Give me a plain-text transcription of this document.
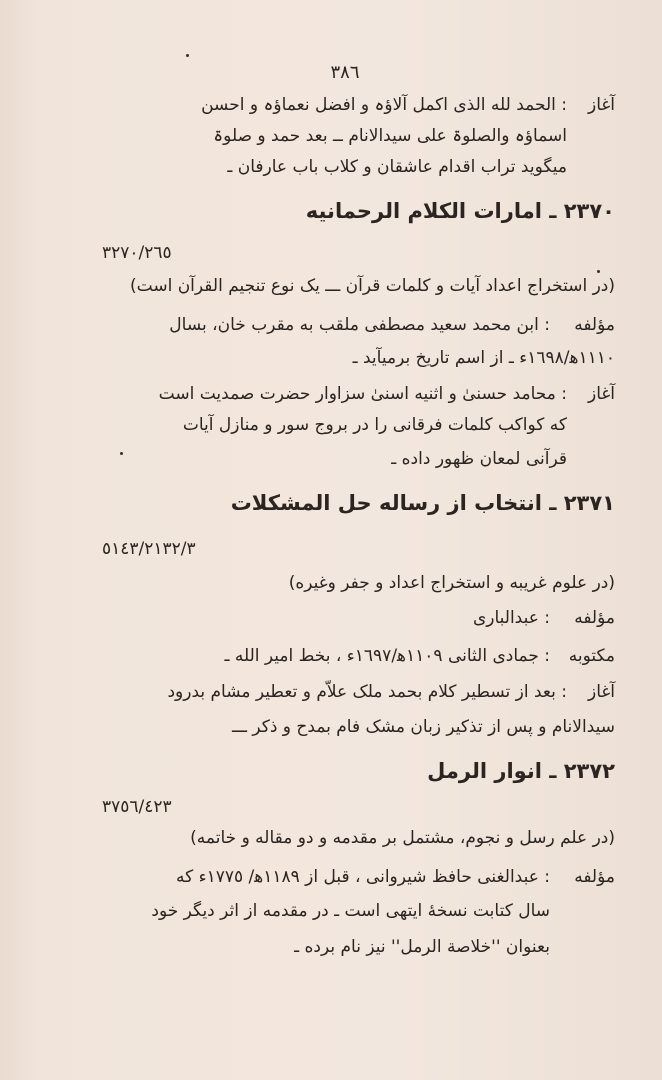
٣٨٦
آغاز
: الحمد لله الذی اکمل آلاؤہ و افضل نعماؤہ و احسن
اسماؤہ والصلوۃ علی سیدالانام ــ بعد حمد و صلوۃ
میگوید تراب اقدام عاشقان و کلاب باب عارفان ـ
٢٣٧٠ ـ امارات الکلام الرحمانیه
٣٢٧٠/٢٦٥
(در استخراج اعداد آیات و کلمات قرآن ـــ یک نوع تنجیم القرآن است)
مؤلفه
: ابن محمد سعید مصطفی ملقب به مقرب خان، بسال
١١١٠ه‍/١٦٩٨ء ـ از اسم تاریخ برمیآید ـ
آغاز
: محامد حسنیٰ و اثنیه اسنیٰ سزاوار حضرت صمدیت است
که کواکب کلمات فرقانی را در بروج سور و منازل آیات
قرآنی لمعان ظهور داده ـ
٢٣٧١ ـ انتخاب از رساله حل المشکلات
٥١٤٣/٢١٣٢/٣
(در علوم غریبه و استخراج اعداد و جفر وغیره)
مؤلفه
: عبدالباری
مکتوبه
: جمادی الثانی ١١٠٩ه‍/١٦٩٧ء ، بخط امیر الله ـ
آغاز
: بعد از تسطیر کلام بحمد ملک علاّم و تعطیر مشام بدرود
سیدالانام و پس از تذکیر زبان مشک فام بمدح و ذکر ـــ
٢٣٧٢ ـ انوار الرمل
٣٧٥٦/٤٢٣
(در علم رسل و نجوم، مشتمل بر مقدمه و دو مقاله و خاتمه)
مؤلفه
: عبدالغنی حافظ شیروانی ، قبل از ١١٨٩ه‍/ ١٧٧٥ء که
سال کتابت نسخهٔ ایتهی است ـ در مقدمه از اثر دیگر خود
بعنوان ''خلاصة الرمل'' نیز نام برده ـ
